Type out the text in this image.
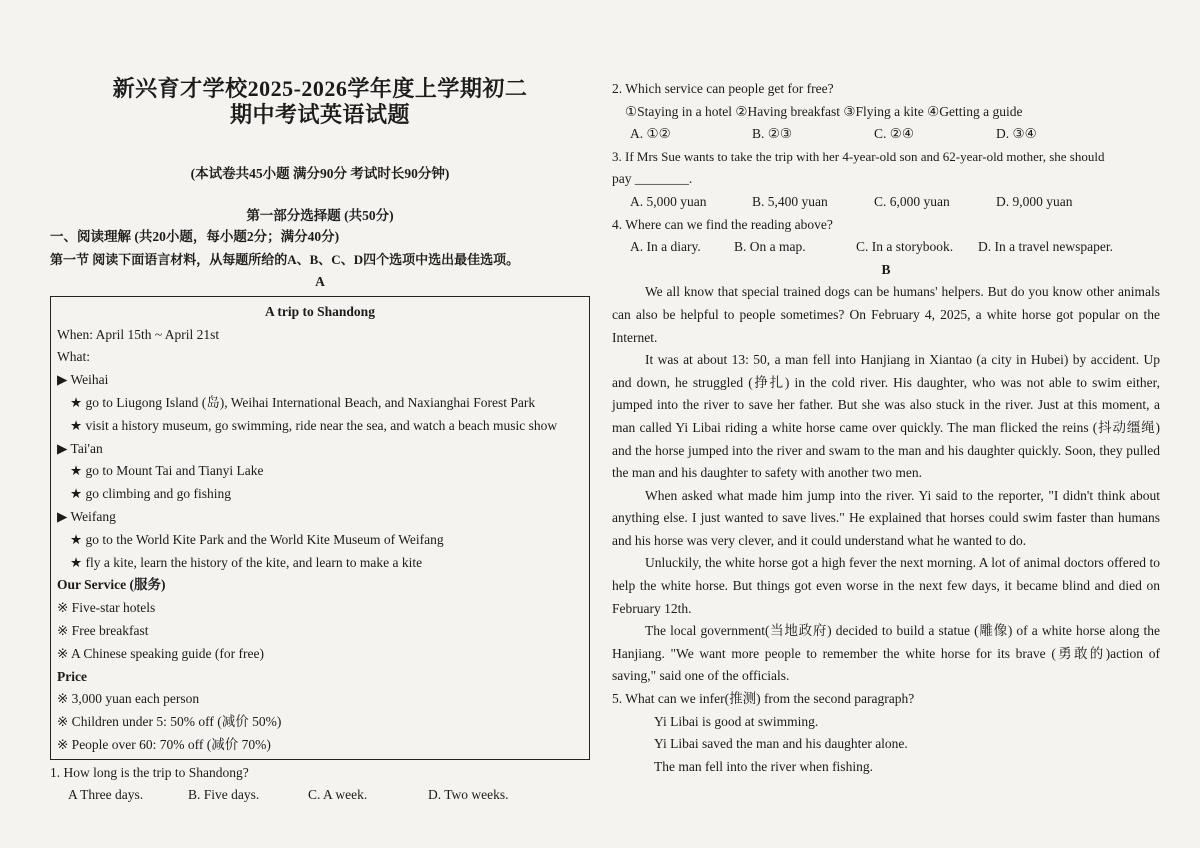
新兴育才学校2025-2026学年度上学期初二
期中考试英语试题
(本试卷共45小题 满分90分 考试时长90分钟)
第一部分选择题 (共50分)
一、阅读理解 (共20小题，每小题2分；满分40分)
第一节 阅读下面语言材料，从每题所给的A、B、C、D四个选项中选出最佳选项。
A
A trip to Shandong
When: April 15th ~ April 21st
What:
▶ Weihai
★ go to Liugong Island (岛), Weihai International Beach, and Naxianghai Forest Park
★ visit a history museum, go swimming, ride near the sea, and watch a beach music show
▶ Tai'an
★ go to Mount Tai and Tianyi Lake
★ go climbing and go fishing
▶ Weifang
★ go to the World Kite Park and the World Kite Museum of Weifang
★ fly a kite, learn the history of the kite, and learn to make a kite
Our Service (服务)
※ Five-star hotels
※ Free breakfast
※ A Chinese speaking guide (for free)
Price
※ 3,000 yuan each person
※ Children under 5: 50% off (减价 50%)
※ People over 60: 70% off (减价 70%)
1. How long is the trip to Shandong?
A Three days.	B. Five days.	C. A week.	D. Two weeks.
2. Which service can people get for free?
①Staying in a hotel ②Having breakfast ③Flying a kite ④Getting a guide
A. ①②	B. ②③	C. ②④	D. ③④
3. If Mrs Sue wants to take the trip with her 4-year-old son and 62-year-old mother, she should
pay ________.
A. 5,000 yuan	B. 5,400 yuan	C. 6,000 yuan	D. 9,000 yuan
4. Where can we find the reading above?
A. In a diary.	B. On a map.	C. In a storybook.	D. In a travel newspaper.
B
We all know that special trained dogs can be humans' helpers. But do you know other animals can also be helpful to people sometimes? On February 4, 2025, a white horse got popular on the Internet.
It was at about 13: 50, a man fell into Hanjiang in Xiantao (a city in Hubei) by accident. Up and down, he struggled (挣扎) in the cold river. His daughter, who was not able to swim either, jumped into the river to save her father. But she was also stuck in the river. Just at this moment, a man called Yi Libai riding a white horse came over quickly. The man flicked the reins (抖动缰绳) and the horse jumped into the river and swam to the man and his daughter quickly. Soon, they pulled the man and his daughter to safety with another two men.
When asked what made him jump into the river. Yi said to the reporter, "I didn't think about anything else. I just wanted to save lives." He explained that horses could swim faster than humans and his horse was very clever, and it could understand what he wanted to do.
Unluckily, the white horse got a high fever the next morning. A lot of animal doctors offered to help the white horse. But things got even worse in the next few days, it became blind and died on February 12th.
The local government(当地政府) decided to build a statue (雕像) of a white horse along the Hanjiang. "We want more people to remember the white horse for its brave (勇敢的)action of saving," said one of the officials.
5. What can we infer(推测) from the second paragraph?
Yi Libai is good at swimming.
Yi Libai saved the man and his daughter alone.
The man fell into the river when fishing.
